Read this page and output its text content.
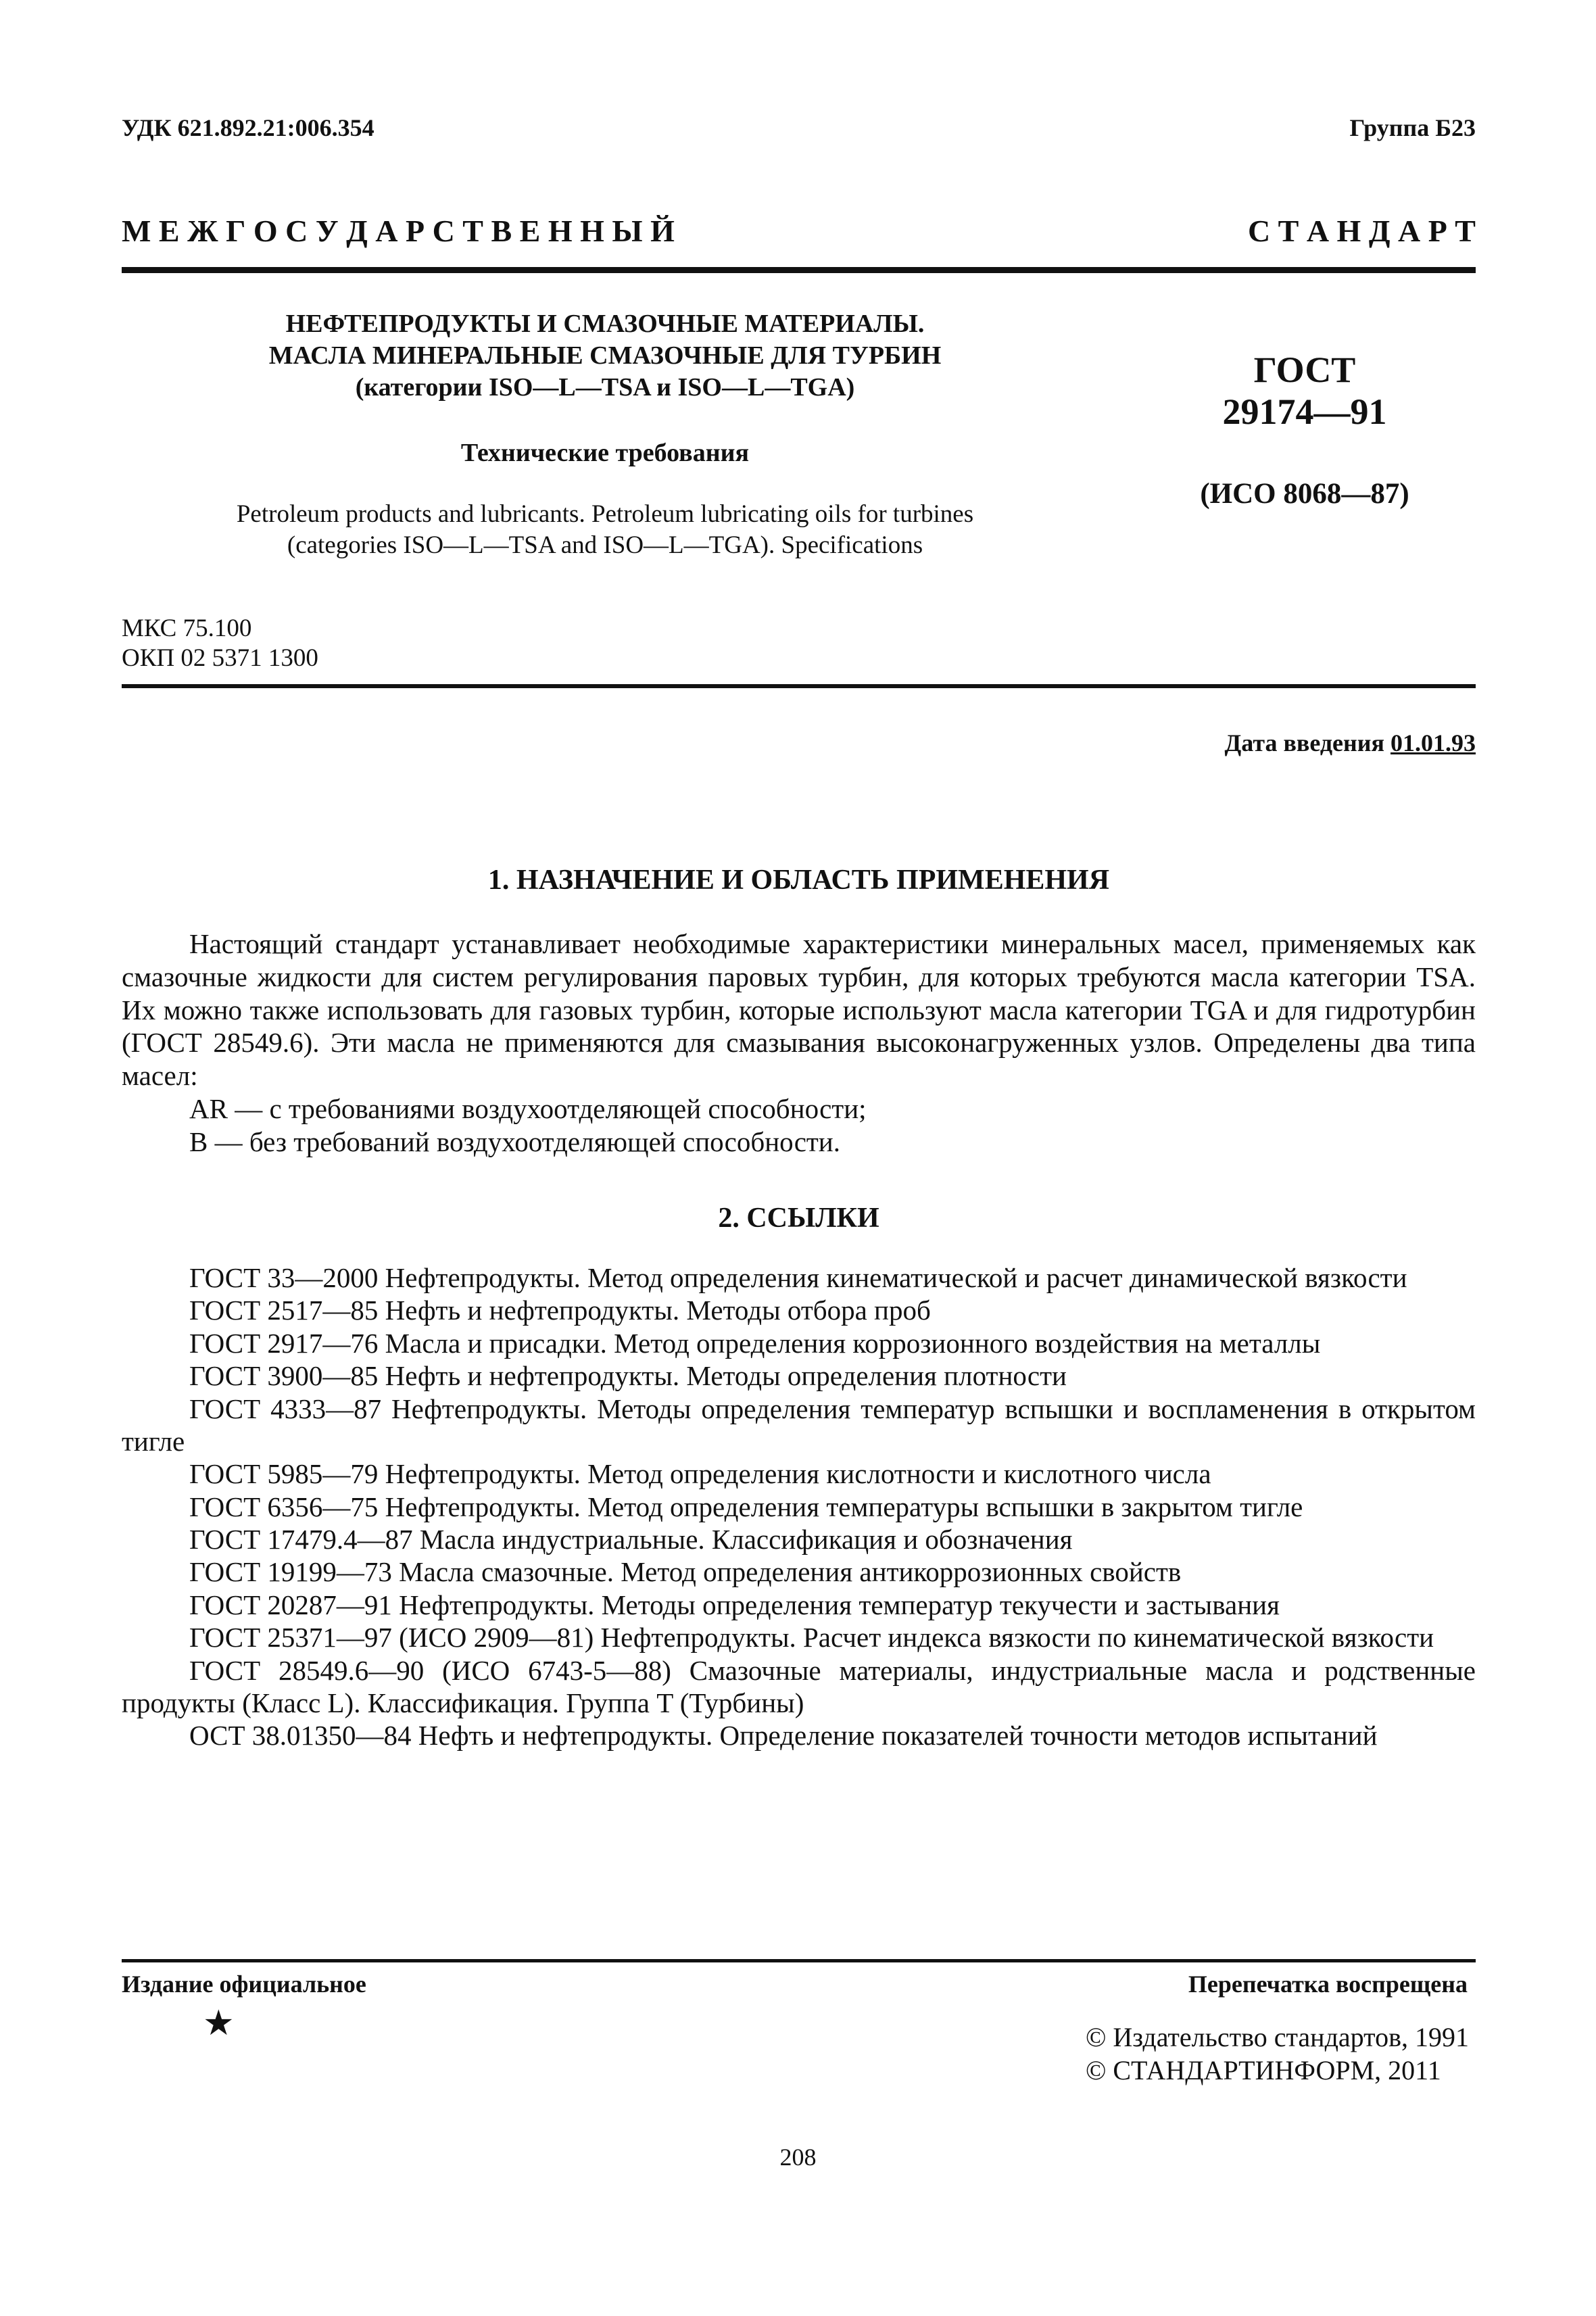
УДК 621.892.21:006.354	Группа Б23
М Е Ж Г О С У Д А Р С Т В Е Н Н Ы Й	С Т А Н Д А Р Т
НЕФТЕПРОДУКТЫ И СМАЗОЧНЫЕ МАТЕРИАЛЫ.
МАСЛА МИНЕРАЛЬНЫЕ СМАЗОЧНЫЕ ДЛЯ ТУРБИН
(категории ISO—L—TSA и ISO—L—TGA)
Технические требования
Petroleum products and lubricants. Petroleum lubricating oils for turbines
(categories ISO—L—TSA and ISO—L—TGA). Specifications
ГОСТ
29174—91
(ИСО 8068—87)
МКС 75.100
ОКП 02 5371 1300
Дата введения 01.01.93
1. НАЗНАЧЕНИЕ И ОБЛАСТЬ ПРИМЕНЕНИЯ

Настоящий стандарт устанавливает необходимые характеристики минеральных масел, применяемых как смазочные жидкости для систем регулирования паровых турбин, для которых требуются масла категории TSA. Их можно также использовать для газовых турбин, которые используют масла категории TGA и для гидротурбин (ГОСТ 28549.6). Эти масла не применяются для смазывания высоконагруженных узлов. Определены два типа масел:

AR — с требованиями воздухоотделяющей способности;

B — без требований воздухоотделяющей способности.

2. ССЫЛКИ

ГОСТ 33—2000 Нефтепродукты. Метод определения кинематической и расчет динамической вязкости

ГОСТ 2517—85 Нефть и нефтепродукты. Методы отбора проб

ГОСТ 2917—76 Масла и присадки. Метод определения коррозионного воздействия на металлы

ГОСТ 3900—85 Нефть и нефтепродукты. Методы определения плотности

ГОСТ 4333—87 Нефтепродукты. Методы определения температур вспышки и воспламенения в открытом тигле

ГОСТ 5985—79 Нефтепродукты. Метод определения кислотности и кислотного числа

ГОСТ 6356—75 Нефтепродукты. Метод определения температуры вспышки в закрытом тигле

ГОСТ 17479.4—87 Масла индустриальные. Классификация и обозначения

ГОСТ 19199—73 Масла смазочные. Метод определения антикоррозионных свойств

ГОСТ 20287—91 Нефтепродукты. Методы определения температур текучести и застывания

ГОСТ 25371—97 (ИСО 2909—81) Нефтепродукты. Расчет индекса вязкости по кинематической вязкости

ГОСТ 28549.6—90 (ИСО 6743-5—88) Смазочные материалы, индустриальные масла и родственные продукты (Класс L). Классификация. Группа T (Турбины)

ОСТ 38.01350—84 Нефть и нефтепродукты. Определение показателей точности методов испытаний

Издание официальное	Перепечатка воспрещена
★	© Издательство стандартов, 1991
© СТАНДАРТИНФОРМ, 2011
208
